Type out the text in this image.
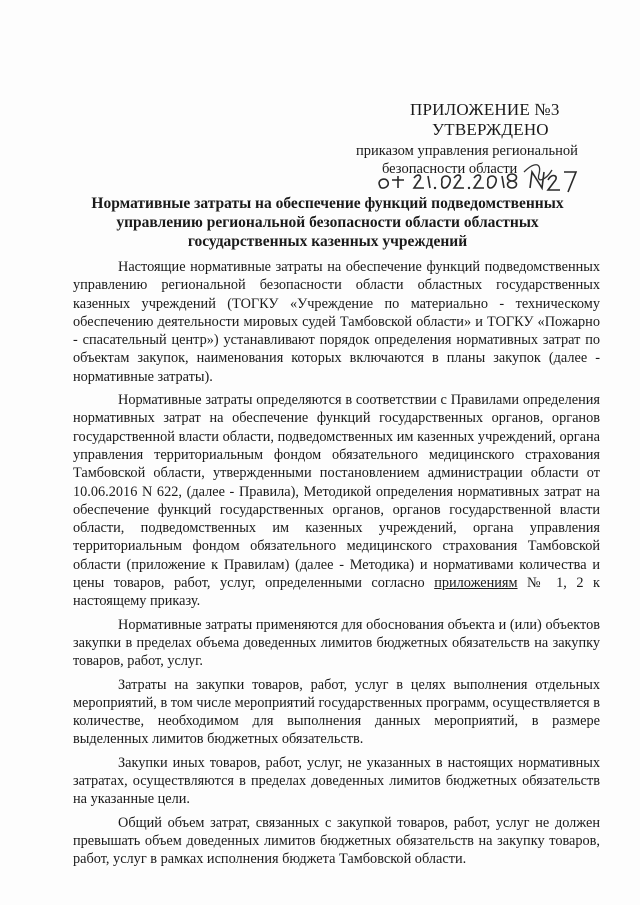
ПРИЛОЖЕНИЕ №3
УТВЕРЖДЕНО
приказом управления региональной
безопасности области
Нормативные затраты на обеспечение функций подведомственных управлению региональной безопасности области областных государственных казенных учреждений

Настоящие нормативные затраты на обеспечение функций подведомственных управлению региональной безопасности области областных государственных казенных учреждений (ТОГКУ «Учреждение по материально - техническому обеспечению деятельности мировых судей Тамбовской области» и ТОГКУ «Пожарно - спасательный центр») устанавливают порядок определения нормативных затрат по объектам закупок, наименования которых включаются в планы закупок (далее - нормативные затраты).

Нормативные затраты определяются в соответствии с Правилами определения нормативных затрат на обеспечение функций государственных органов, органов государственной власти области, подведомственных им казенных учреждений, органа управления территориальным фондом обязательного медицинского страхования Тамбовской области, утвержденными постановлением администрации области от 10.06.2016 N 622, (далее - Правила), Методикой определения нормативных затрат на обеспечение функций государственных органов, органов государственной власти области, подведомственных им казенных учреждений, органа управления территориальным фондом обязательного медицинского страхования Тамбовской области (приложение к Правилам) (далее - Методика) и нормативами количества и цены товаров, работ, услуг, определенными согласно приложениям № 1, 2 к настоящему приказу.

Нормативные затраты применяются для обоснования объекта и (или) объектов закупки в пределах объема доведенных лимитов бюджетных обязательств на закупку товаров, работ, услуг.

Затраты на закупки товаров, работ, услуг в целях выполнения отдельных мероприятий, в том числе мероприятий государственных программ, осуществляется в количестве, необходимом для выполнения данных мероприятий, в размере выделенных лимитов бюджетных обязательств.

Закупки иных товаров, работ, услуг, не указанных в настоящих нормативных затратах, осуществляются в пределах доведенных лимитов бюджетных обязательств на указанные цели.

Общий объем затрат, связанных с закупкой товаров, работ, услуг не должен превышать объем доведенных лимитов бюджетных обязательств на закупку товаров, работ, услуг в рамках исполнения бюджета Тамбовской области.
